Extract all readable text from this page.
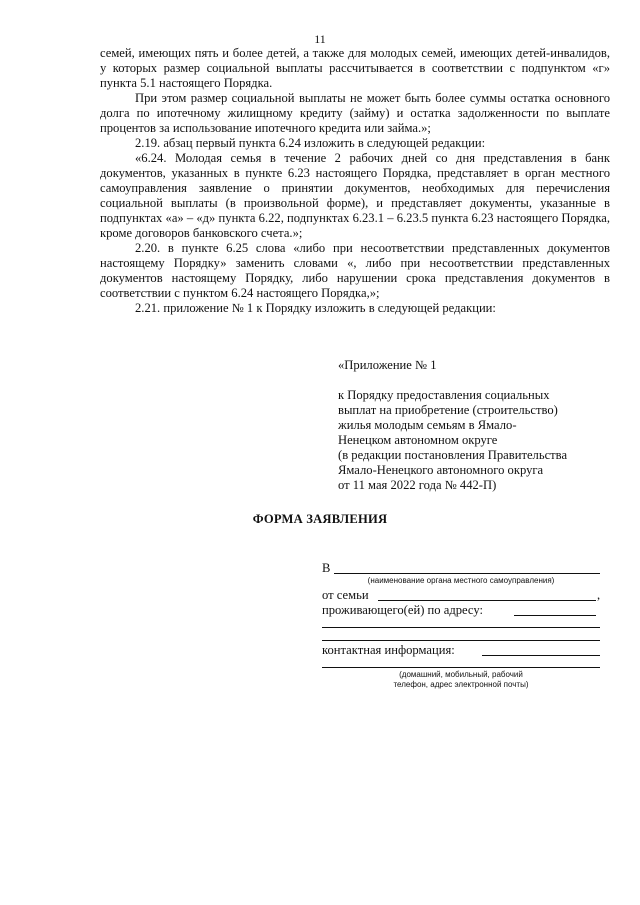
11

семей, имеющих пять и более детей, а также для молодых семей, имеющих детей-инвалидов, у которых размер социальной выплаты рассчитывается в соответствии с подпунктом «г» пункта 5.1 настоящего Порядка.

При этом размер социальной выплаты не может быть более суммы остатка основного долга по ипотечному жилищному кредиту (займу) и остатка задолженности по выплате процентов за использование ипотечного кредита или займа.»;

2.19. абзац первый пункта 6.24 изложить в следующей редакции:

«6.24. Молодая семья в течение 2 рабочих дней со дня представления в банк документов, указанных в пункте 6.23 настоящего Порядка, представляет в орган местного самоуправления заявление о принятии документов, необходимых для перечисления социальной выплаты (в произвольной форме), и представляет документы, указанные в подпунктах «а» – «д» пункта 6.22, подпунктах 6.23.1 – 6.23.5 пункта 6.23 настоящего Порядка, кроме договоров банковского счета.»;

2.20. в пункте 6.25 слова «либо при несоответствии представленных документов настоящему Порядку» заменить словами «, либо при несоответствии представленных документов настоящему Порядку, либо нарушении срока представления документов в соответствии с пунктом 6.24 настоящего Порядка,»;

2.21. приложение № 1 к Порядку изложить в следующей редакции:

«Приложение № 1
к Порядку предоставления социальных
выплат на приобретение (строительство)
жилья молодым семьям в Ямало-
Ненецком автономном округе
(в редакции постановления Правительства
Ямало-Ненецкого автономного округа
от 11 мая 2022 года № 442-П)
ФОРМА ЗАЯВЛЕНИЯ
В
(наименование органа местного самоуправления)
от семьи	,
проживающего(ей) по адресу:
контактная информация:
(домашний, мобильный, рабочий
телефон, адрес электронной почты)
